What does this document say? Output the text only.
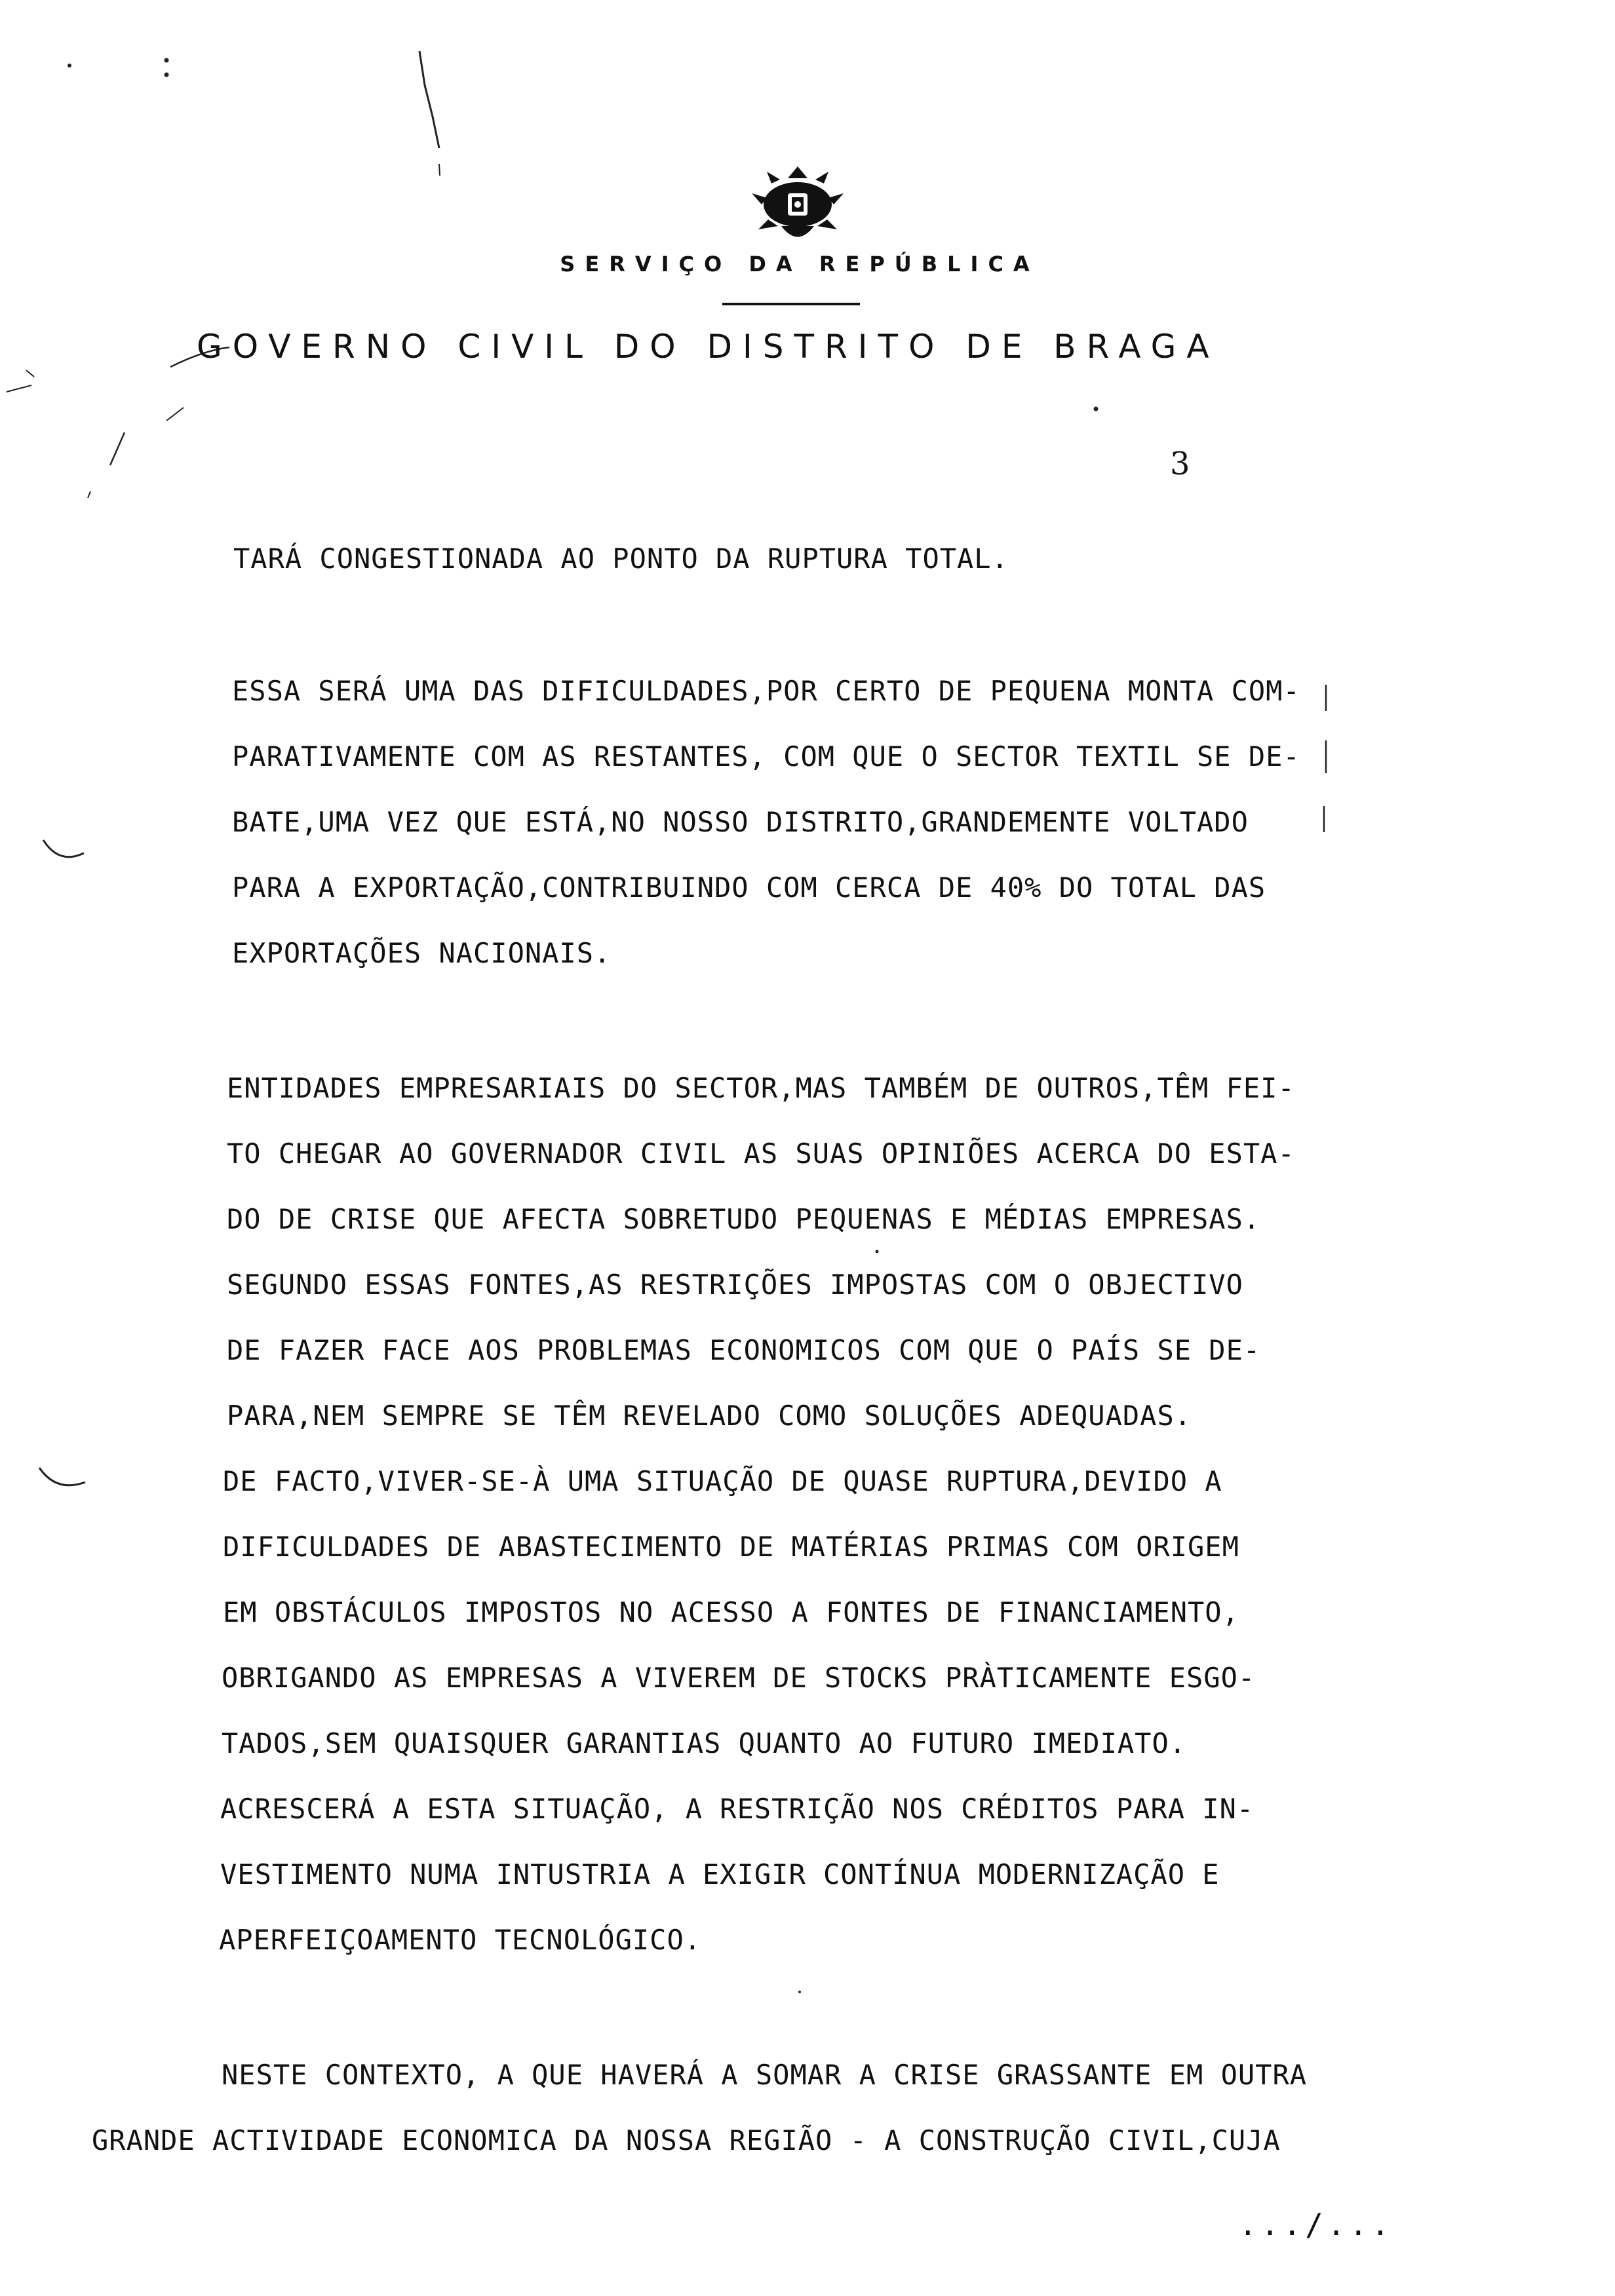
SERVIÇO DA REPÚBLICA
GOVERNO CIVIL DO DISTRITO DE BRAGA
3
TARÁ CONGESTIONADA AO PONTO DA RUPTURA TOTAL.
ESSA SERÁ UMA DAS DIFICULDADES,POR CERTO DE PEQUENA MONTA COM-
PARATIVAMENTE COM AS RESTANTES, COM QUE O SECTOR TEXTIL SE DE-
BATE,UMA VEZ QUE ESTÁ,NO NOSSO DISTRITO,GRANDEMENTE VOLTADO
PARA A EXPORTAÇÃO,CONTRIBUINDO COM CERCA DE 40% DO TOTAL DAS
EXPORTAÇÕES NACIONAIS.
ENTIDADES EMPRESARIAIS DO SECTOR,MAS TAMBÉM DE OUTROS,TÊM FEI-
TO CHEGAR AO GOVERNADOR CIVIL AS SUAS OPINIÕES ACERCA DO ESTA-
DO DE CRISE QUE AFECTA SOBRETUDO PEQUENAS E MÉDIAS EMPRESAS.
SEGUNDO ESSAS FONTES,AS RESTRIÇÕES IMPOSTAS COM O OBJECTIVO
DE FAZER FACE AOS PROBLEMAS ECONOMICOS COM QUE O PAÍS SE DE-
PARA,NEM SEMPRE SE TÊM REVELADO COMO SOLUÇÕES ADEQUADAS.
DE FACTO,VIVER-SE-À UMA SITUAÇÃO DE QUASE RUPTURA,DEVIDO A
DIFICULDADES DE ABASTECIMENTO DE MATÉRIAS PRIMAS COM ORIGEM
EM OBSTÁCULOS IMPOSTOS NO ACESSO A FONTES DE FINANCIAMENTO,
OBRIGANDO AS EMPRESAS A VIVEREM DE STOCKS PRÀTICAMENTE ESGO-
TADOS,SEM QUAISQUER GARANTIAS QUANTO AO FUTURO IMEDIATO.
ACRESCERÁ A ESTA SITUAÇÃO, A RESTRIÇÃO NOS CRÉDITOS PARA IN-
VESTIMENTO NUMA INTUSTRIA A EXIGIR CONTÍNUA MODERNIZAÇÃO E
APERFEIÇOAMENTO TECNOLÓGICO.
NESTE CONTEXTO, A QUE HAVERÁ A SOMAR A CRISE GRASSANTE EM OUTRA
GRANDE ACTIVIDADE ECONOMICA DA NOSSA REGIÃO - A CONSTRUÇÃO CIVIL,CUJA
.../...
